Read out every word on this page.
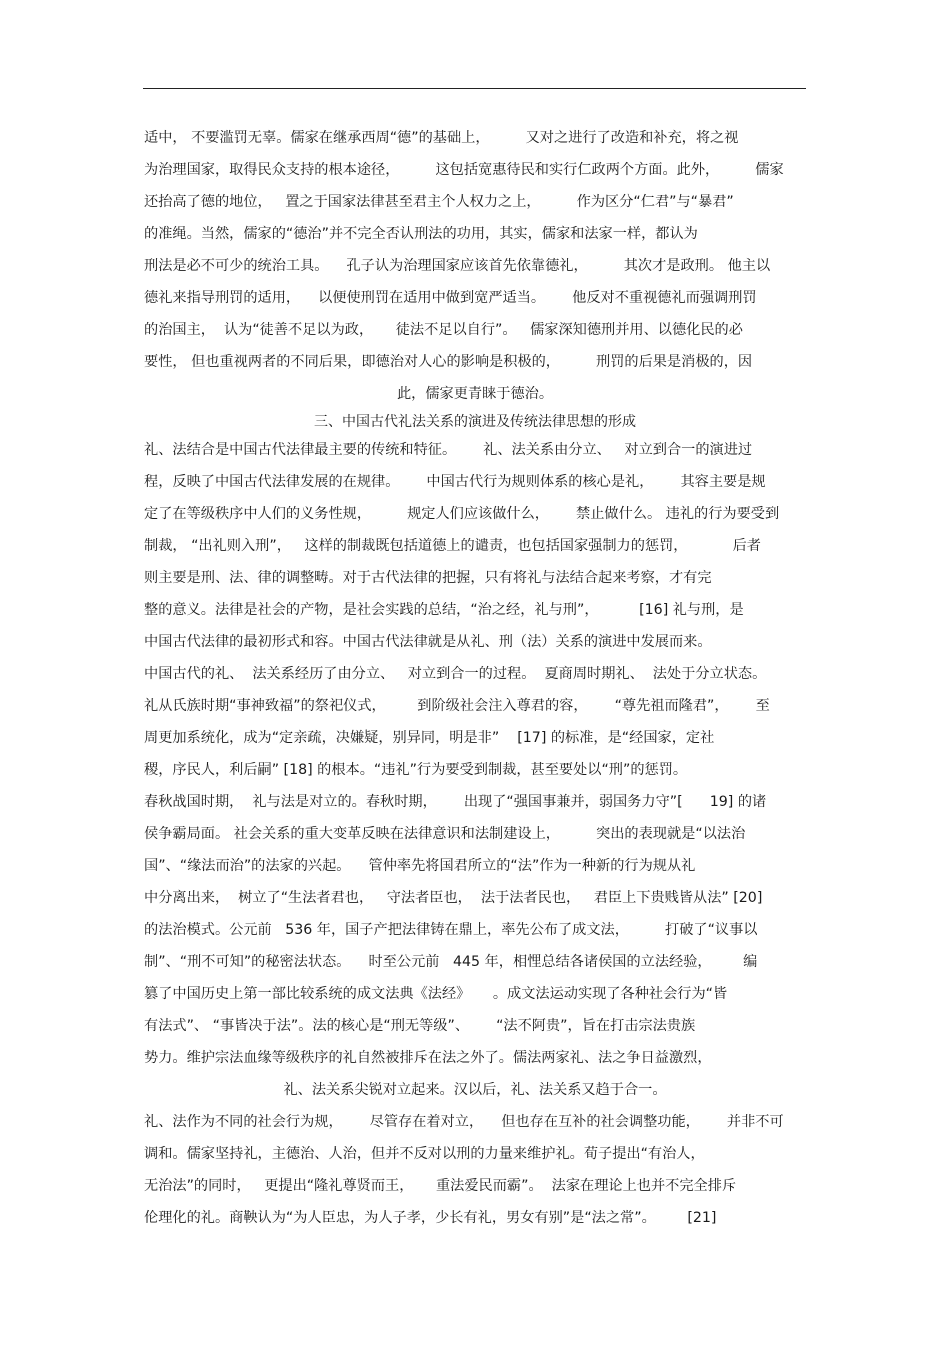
适中， 不要滥罚无辜。儒家在继承西周“德”的基础上，        又对之进行了改造和补充，将之视
为治理国家，取得民众支持的根本途径，        这包括宽惠待民和实行仁政两个方面。此外，        儒家
还抬高了德的地位，   置之于国家法律甚至君主个人权力之上，        作为区分“仁君”与“暴君”
的准绳。当然，儒家的“德治”并不完全否认刑法的功用，其实，儒家和法家一样，都认为
刑法是必不可少的统治工具。    孔子认为治理国家应该首先依靠德礼，        其次才是政刑。 他主以
德礼来指导刑罚的适用，    以便使刑罚在适用中做到宽严适当。      他反对不重视德礼而强调刑罚
的治国主，  认为“徒善不足以为政，     徒法不足以自行”。   儒家深知德刑并用、以德化民的必
要性， 但也重视两者的不同后果，即德治对人心的影响是积极的，        刑罚的后果是消极的，因
此，儒家更青睐于德治。
三、中国古代礼法关系的演进及传统法律思想的形成
礼、法结合是中国古代法律最主要的传统和特征。      礼、法关系由分立、   对立到合一的演进过
程，反映了中国古代法律发展的在规律。      中国古代行为规则体系的核心是礼，      其容主要是规
定了在等级秩序中人们的义务性规，        规定人们应该做什么，      禁止做什么。 违礼的行为要受到
制裁， “出礼则入刑”，   这样的制裁既包括道德上的谴责，也包括国家强制力的惩罚，          后者
则主要是刑、法、律的调整畴。对于古代法律的把握，只有将礼与法结合起来考察，才有完
整的意义。法律是社会的产物，是社会实践的总结，“治之经，礼与刑”，         [16] 礼与刑，是
中国古代法律的最初形式和容。中国古代法律就是从礼、刑（法）关系的演进中发展而来。
中国古代的礼、  法关系经历了由分立、   对立到合一的过程。  夏商周时期礼、  法处于分立状态。
礼从氏族时期“事神致福”的祭祀仪式，       到阶级社会注入尊君的容，      “尊先祖而隆君”，      至
周更加系统化，成为“定亲疏，决嫌疑，别异同，明是非”    [17] 的标准，是“经国家，定社
稷，序民人，利后嗣” [18] 的根本。“违礼”行为要受到制裁，甚至要处以“刑”的惩罚。
春秋战国时期，  礼与法是对立的。春秋时期，      出现了“强国事兼并，弱国务力守”[      19] 的诸
侯争霸局面。 社会关系的重大变革反映在法律意识和法制建设上，        突出的表现就是“以法治
国”、“缘法而治”的法家的兴起。    管仲率先将国君所立的“法”作为一种新的行为规从礼
中分离出来，  树立了“生法者君也，   守法者臣也，  法于法者民也，   君臣上下贵贱皆从法” [20]
的法治模式。公元前   536 年，国子产把法律铸在鼎上，率先公布了成文法，        打破了“议事以
制”、“刑不可知”的秘密法状态。    时至公元前   445 年，相悝总结各诸侯国的立法经验，       编
篡了中国历史上第一部比较系统的成文法典《法经》     。成文法运动实现了各种社会行为“皆
有法式”、 “事皆决于法”。法的核心是“刑无等级”、      “法不阿贵”，旨在打击宗法贵族
势力。维护宗法血缘等级秩序的礼自然被排斥在法之外了。儒法两家礼、法之争日益激烈，
礼、法关系尖锐对立起来。汉以后，礼、法关系又趋于合一。
礼、法作为不同的社会行为规，      尽管存在着对立，    但也存在互补的社会调整功能，      并非不可
调和。儒家坚持礼，主德治、人治，但并不反对以刑的力量来维护礼。荀子提出“有治人，
无治法”的同时，   更提出“隆礼尊贤而王，     重法爱民而霸”。  法家在理论上也并不完全排斥
伦理化的礼。商鞅认为“为人臣忠，为人子孝，少长有礼，男女有别”是“法之常”。       [21]
